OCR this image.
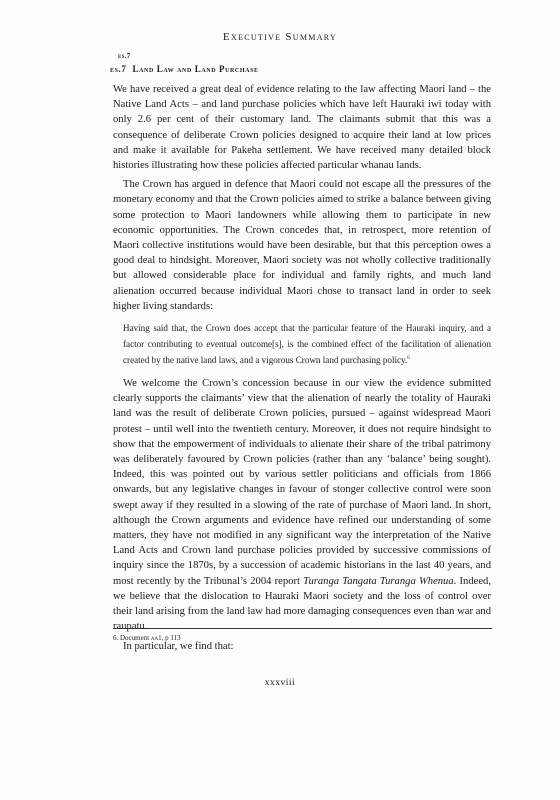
Executive Summary
es.7
es.7 Land Law and Land Purchase

We have received a great deal of evidence relating to the law affecting Maori land – the Native Land Acts – and land purchase policies which have left Hauraki iwi today with only 2.6 per cent of their customary land. The claimants submit that this was a consequence of deliberate Crown policies designed to acquire their land at low prices and make it available for Pakeha settlement. We have received many detailed block histories illustrating how these policies affected particular whanau lands.

The Crown has argued in defence that Maori could not escape all the pressures of the monetary economy and that the Crown policies aimed to strike a balance between giving some protection to Maori landowners while allowing them to participate in new economic opportunities. The Crown concedes that, in retrospect, more retention of Maori collective institutions would have been desirable, but that this perception owes a good deal to hindsight. Moreover, Maori society was not wholly collective traditionally but allowed considerable place for individual and family rights, and much land alienation occurred because individual Maori chose to transact land in order to seek higher living standards:

Having said that, the Crown does accept that the particular feature of the Hauraki inquiry, and a factor contributing to eventual outcome[s], is the combined effect of the facilitation of alienation created by the native land laws, and a vigorous Crown land purchasing policy.$^6$

We welcome the Crown’s concession because in our view the evidence submitted clearly supports the claimants’ view that the alienation of nearly the totality of Hauraki land was the result of deliberate Crown policies, pursued – against widespread Maori protest – until well into the twentieth century. Moreover, it does not require hindsight to show that the empowerment of individuals to alienate their share of the tribal patrimony was deliberately favoured by Crown policies (rather than any ‘balance’ being sought). Indeed, this was pointed out by various settler politicians and officials from 1866 onwards, but any legislative changes in favour of stonger collective control were soon swept away if they resulted in a slowing of the rate of purchase of Maori land. In short, although the Crown arguments and evidence have refined our understanding of some matters, they have not modified in any significant way the interpretation of the Native Land Acts and Crown land purchase policies provided by successive commissions of inquiry since the 1870s, by a succession of academic historians in the last 40 years, and most recently by the Tribunal’s 2004 report Turanga Tangata Turanga Whenua. Indeed, we believe that the dislocation to Hauraki Maori society and the loss of control over their land arising from the land law had more damaging consequences even than war and raupatu.

In particular, we find that:

6. Document aa1, p 113
xxxviii
